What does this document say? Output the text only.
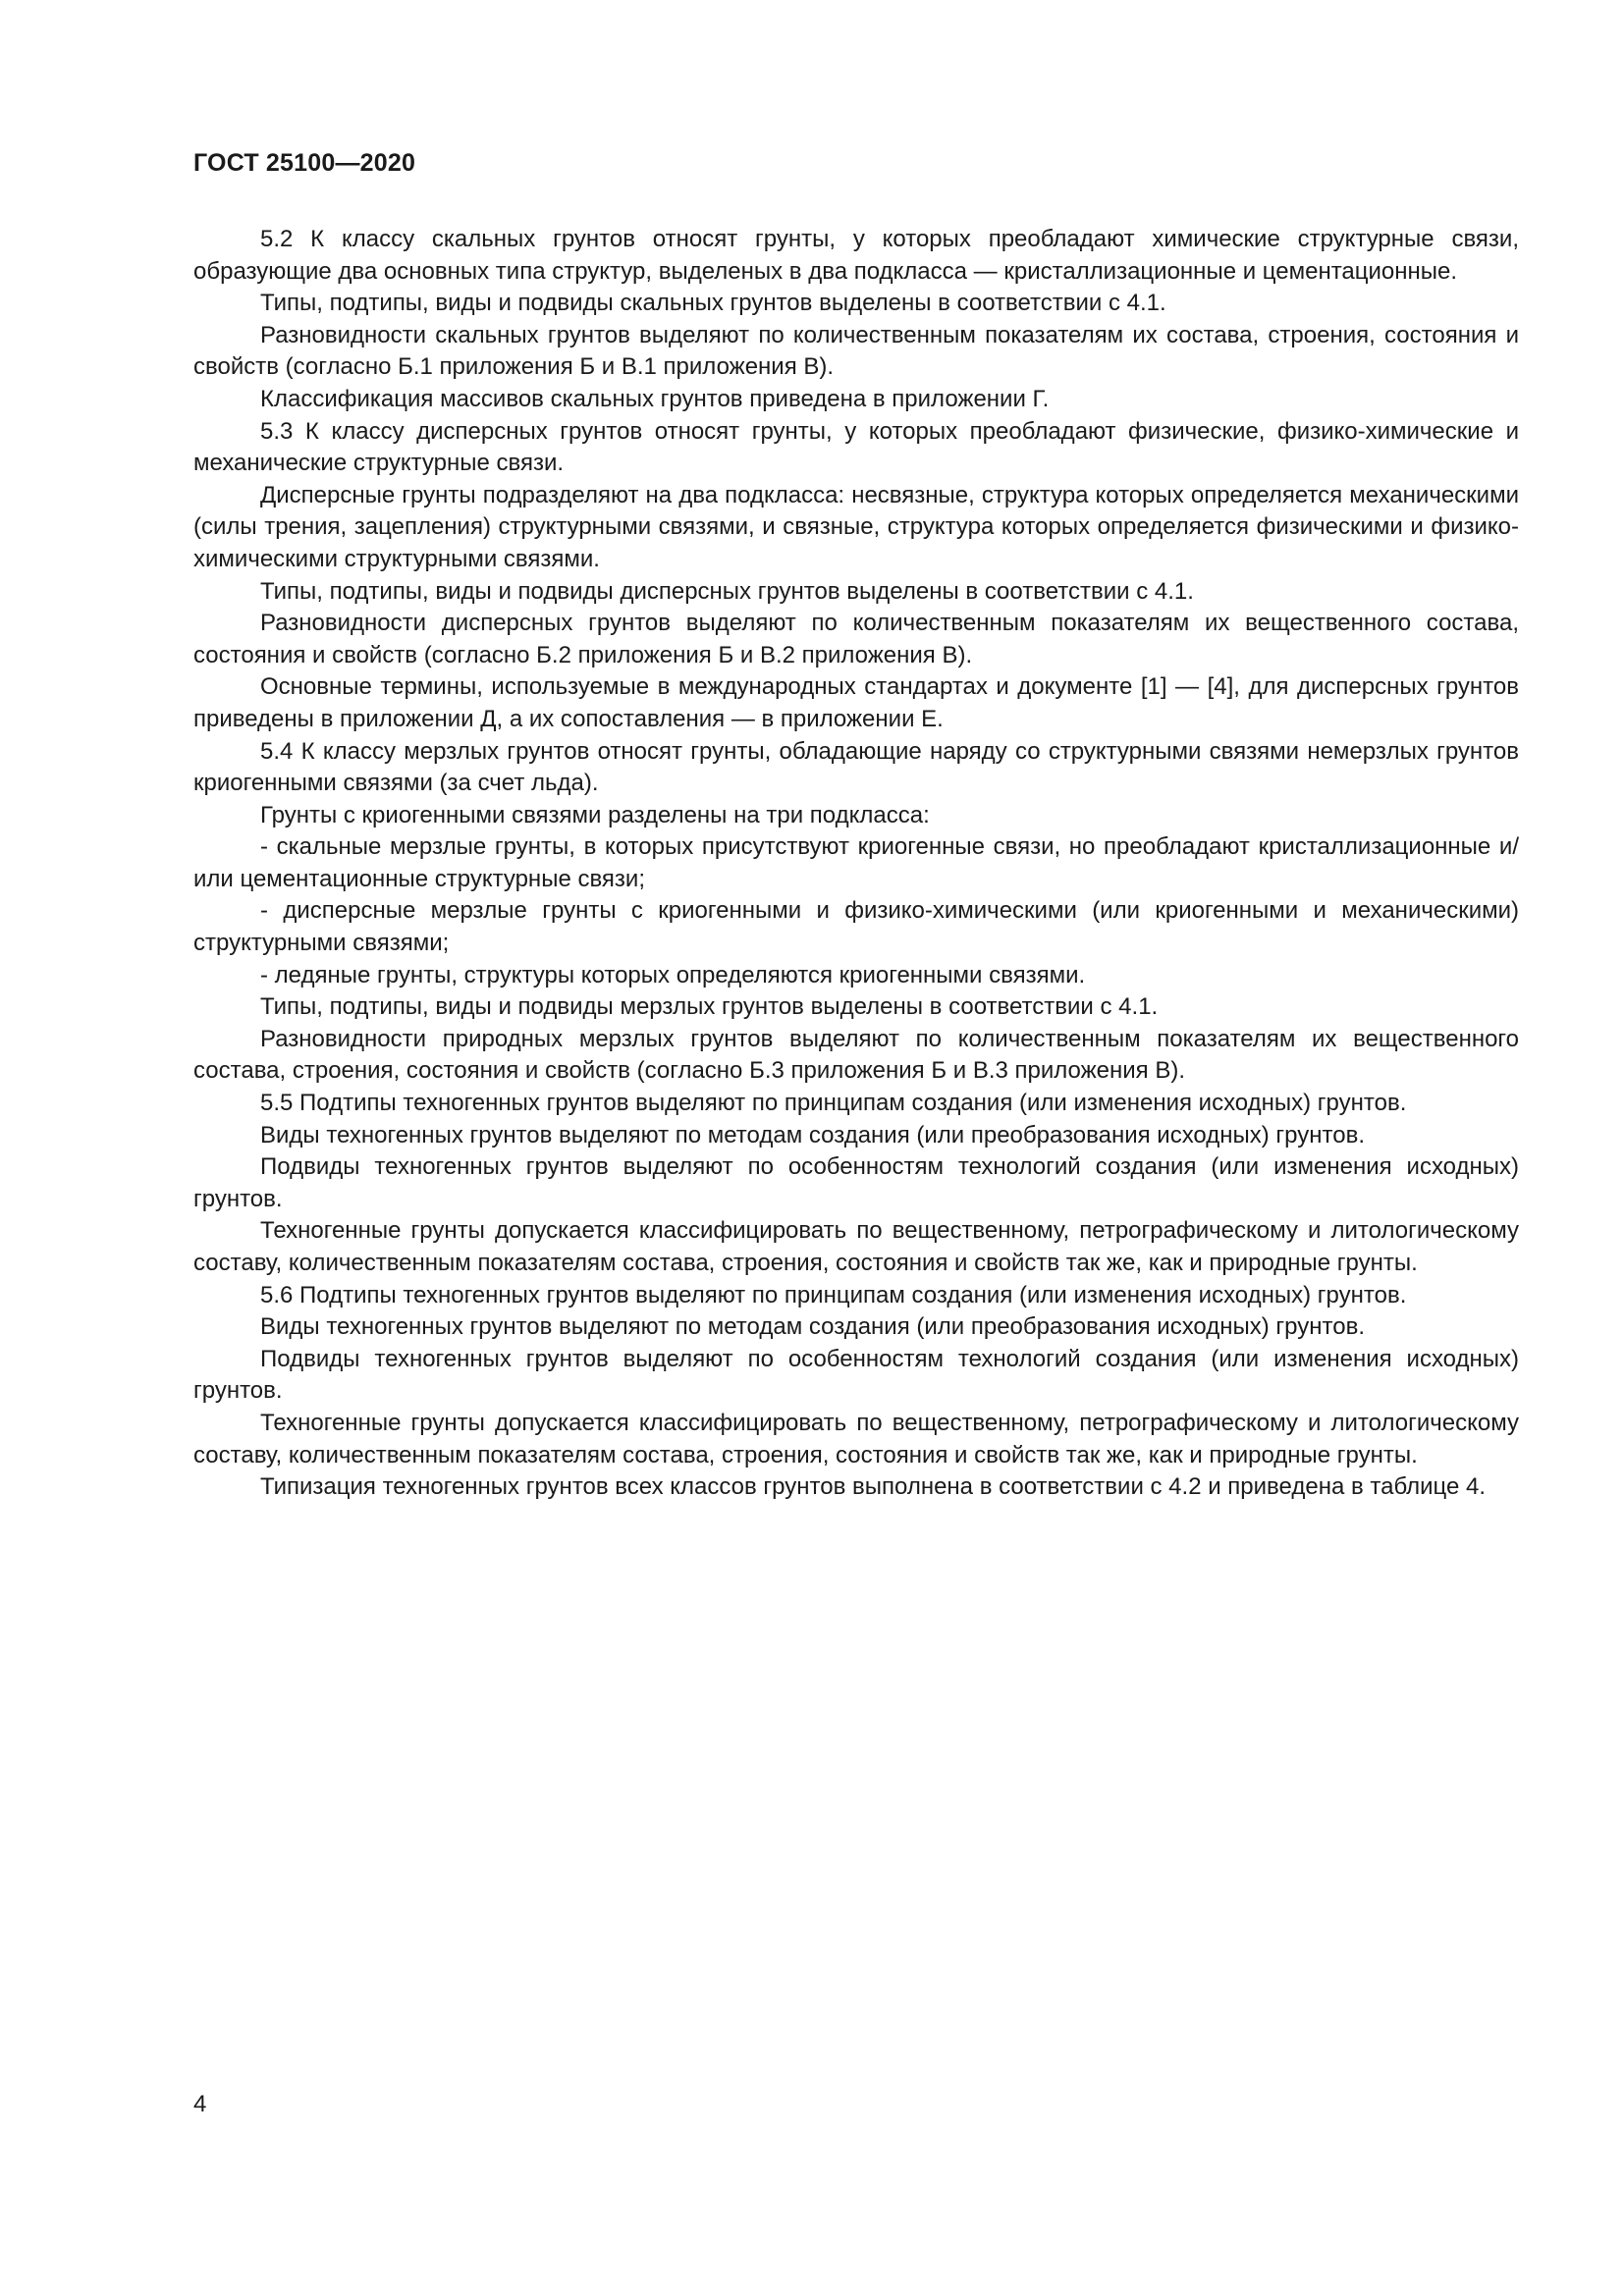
ГОСТ 25100—2020

5.2 К классу скальных грунтов относят грунты, у которых преобладают химические структурные связи, образующие два основных типа структур, выделеных в два подкласса — кристаллизационные и цементационные.

Типы, подтипы, виды и подвиды скальных грунтов выделены в соответствии с 4.1.

Разновидности скальных грунтов выделяют по количественным показателям их состава, строения, состояния и свойств (согласно Б.1 приложения Б и В.1 приложения В).

Классификация массивов скальных грунтов приведена в приложении Г.

5.3 К классу дисперсных грунтов относят грунты, у которых преобладают физические, физико-химические и механические структурные связи.

Дисперсные грунты подразделяют на два подкласса: несвязные, структура которых определяется механическими (силы трения, зацепления) структурными связями, и связные, структура которых определяется физическими и физико-химическими структурными связями.

Типы, подтипы, виды и подвиды дисперсных грунтов выделены в соответствии с 4.1.

Разновидности дисперсных грунтов выделяют по количественным показателям их вещественного состава, состояния и свойств (согласно Б.2 приложения Б и В.2 приложения В).

Основные термины, используемые в международных стандартах и документе [1] — [4], для дисперсных грунтов приведены в приложении Д, а их сопоставления — в приложении Е.

5.4 К классу мерзлых грунтов относят грунты, обладающие наряду со структурными связями немерзлых грунтов криогенными связями (за счет льда).

Грунты с криогенными связями разделены на три подкласса:

- скальные мерзлые грунты, в которых присутствуют криогенные связи, но преобладают кристаллизационные и/или цементационные структурные связи;

- дисперсные мерзлые грунты с криогенными и физико-химическими (или криогенными и механическими) структурными связями;

- ледяные грунты, структуры которых определяются криогенными связями.

Типы, подтипы, виды и подвиды мерзлых грунтов выделены в соответствии с 4.1.

Разновидности природных мерзлых грунтов выделяют по количественным показателям их вещественного состава, строения, состояния и свойств (согласно Б.3 приложения Б и В.3 приложения В).

5.5 Подтипы техногенных грунтов выделяют по принципам создания (или изменения исходных) грунтов.

Виды техногенных грунтов выделяют по методам создания (или преобразования исходных) грунтов.

Подвиды техногенных грунтов выделяют по особенностям технологий создания (или изменения исходных) грунтов.

Техногенные грунты допускается классифицировать по вещественному, петрографическому и литологическому составу, количественным показателям состава, строения, состояния и свойств так же, как и природные грунты.

5.6 Подтипы техногенных грунтов выделяют по принципам создания (или изменения исходных) грунтов.

Виды техногенных грунтов выделяют по методам создания (или преобразования исходных) грунтов.

Подвиды техногенных грунтов выделяют по особенностям технологий создания (или изменения исходных) грунтов.

Техногенные грунты допускается классифицировать по вещественному, петрографическому и литологическому составу, количественным показателям состава, строения, состояния и свойств так же, как и природные грунты.

Типизация техногенных грунтов всех классов грунтов выполнена в соответствии с 4.2 и приведена в таблице 4.

4
